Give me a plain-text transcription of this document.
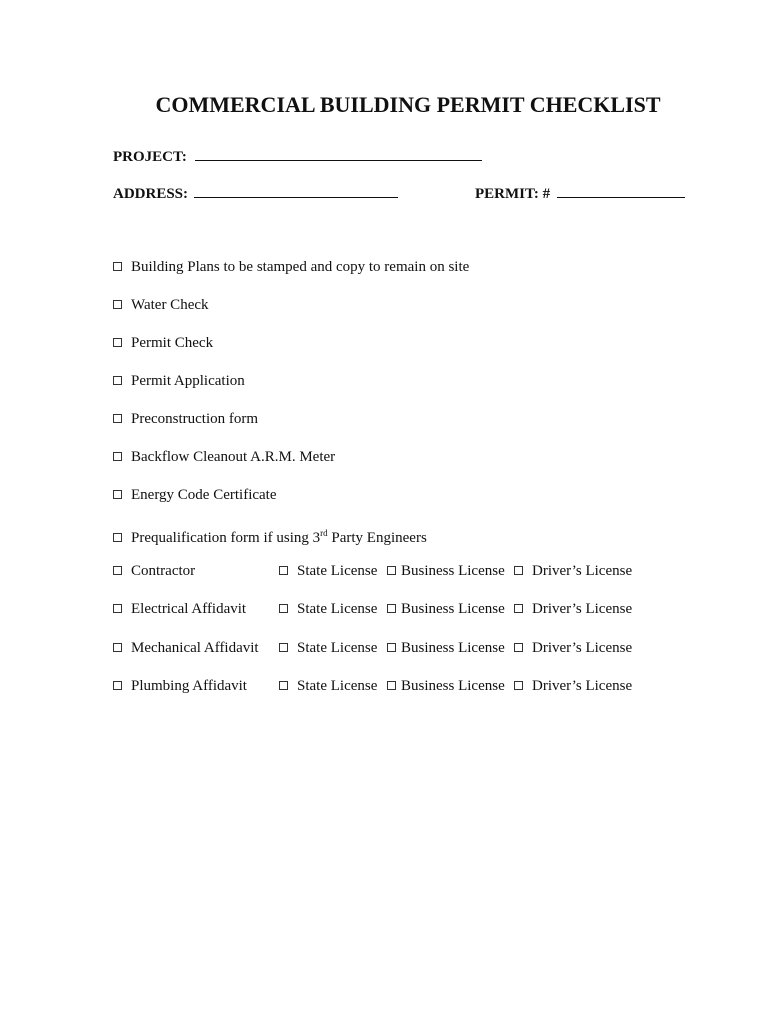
COMMERCIAL BUILDING PERMIT CHECKLIST
PROJECT:
ADDRESS:	PERMIT: #
Building Plans to be stamped and copy to remain on site
Water Check
Permit Check
Permit Application
Preconstruction form
Backflow Cleanout A.R.M. Meter
Energy Code Certificate
Prequalification form if using 3rd Party Engineers
Contractor	State License	Business License	Driver’s License
Electrical Affidavit	State License	Business License	Driver’s License
Mechanical Affidavit	State License	Business License	Driver’s License
Plumbing Affidavit	State License	Business License	Driver’s License
